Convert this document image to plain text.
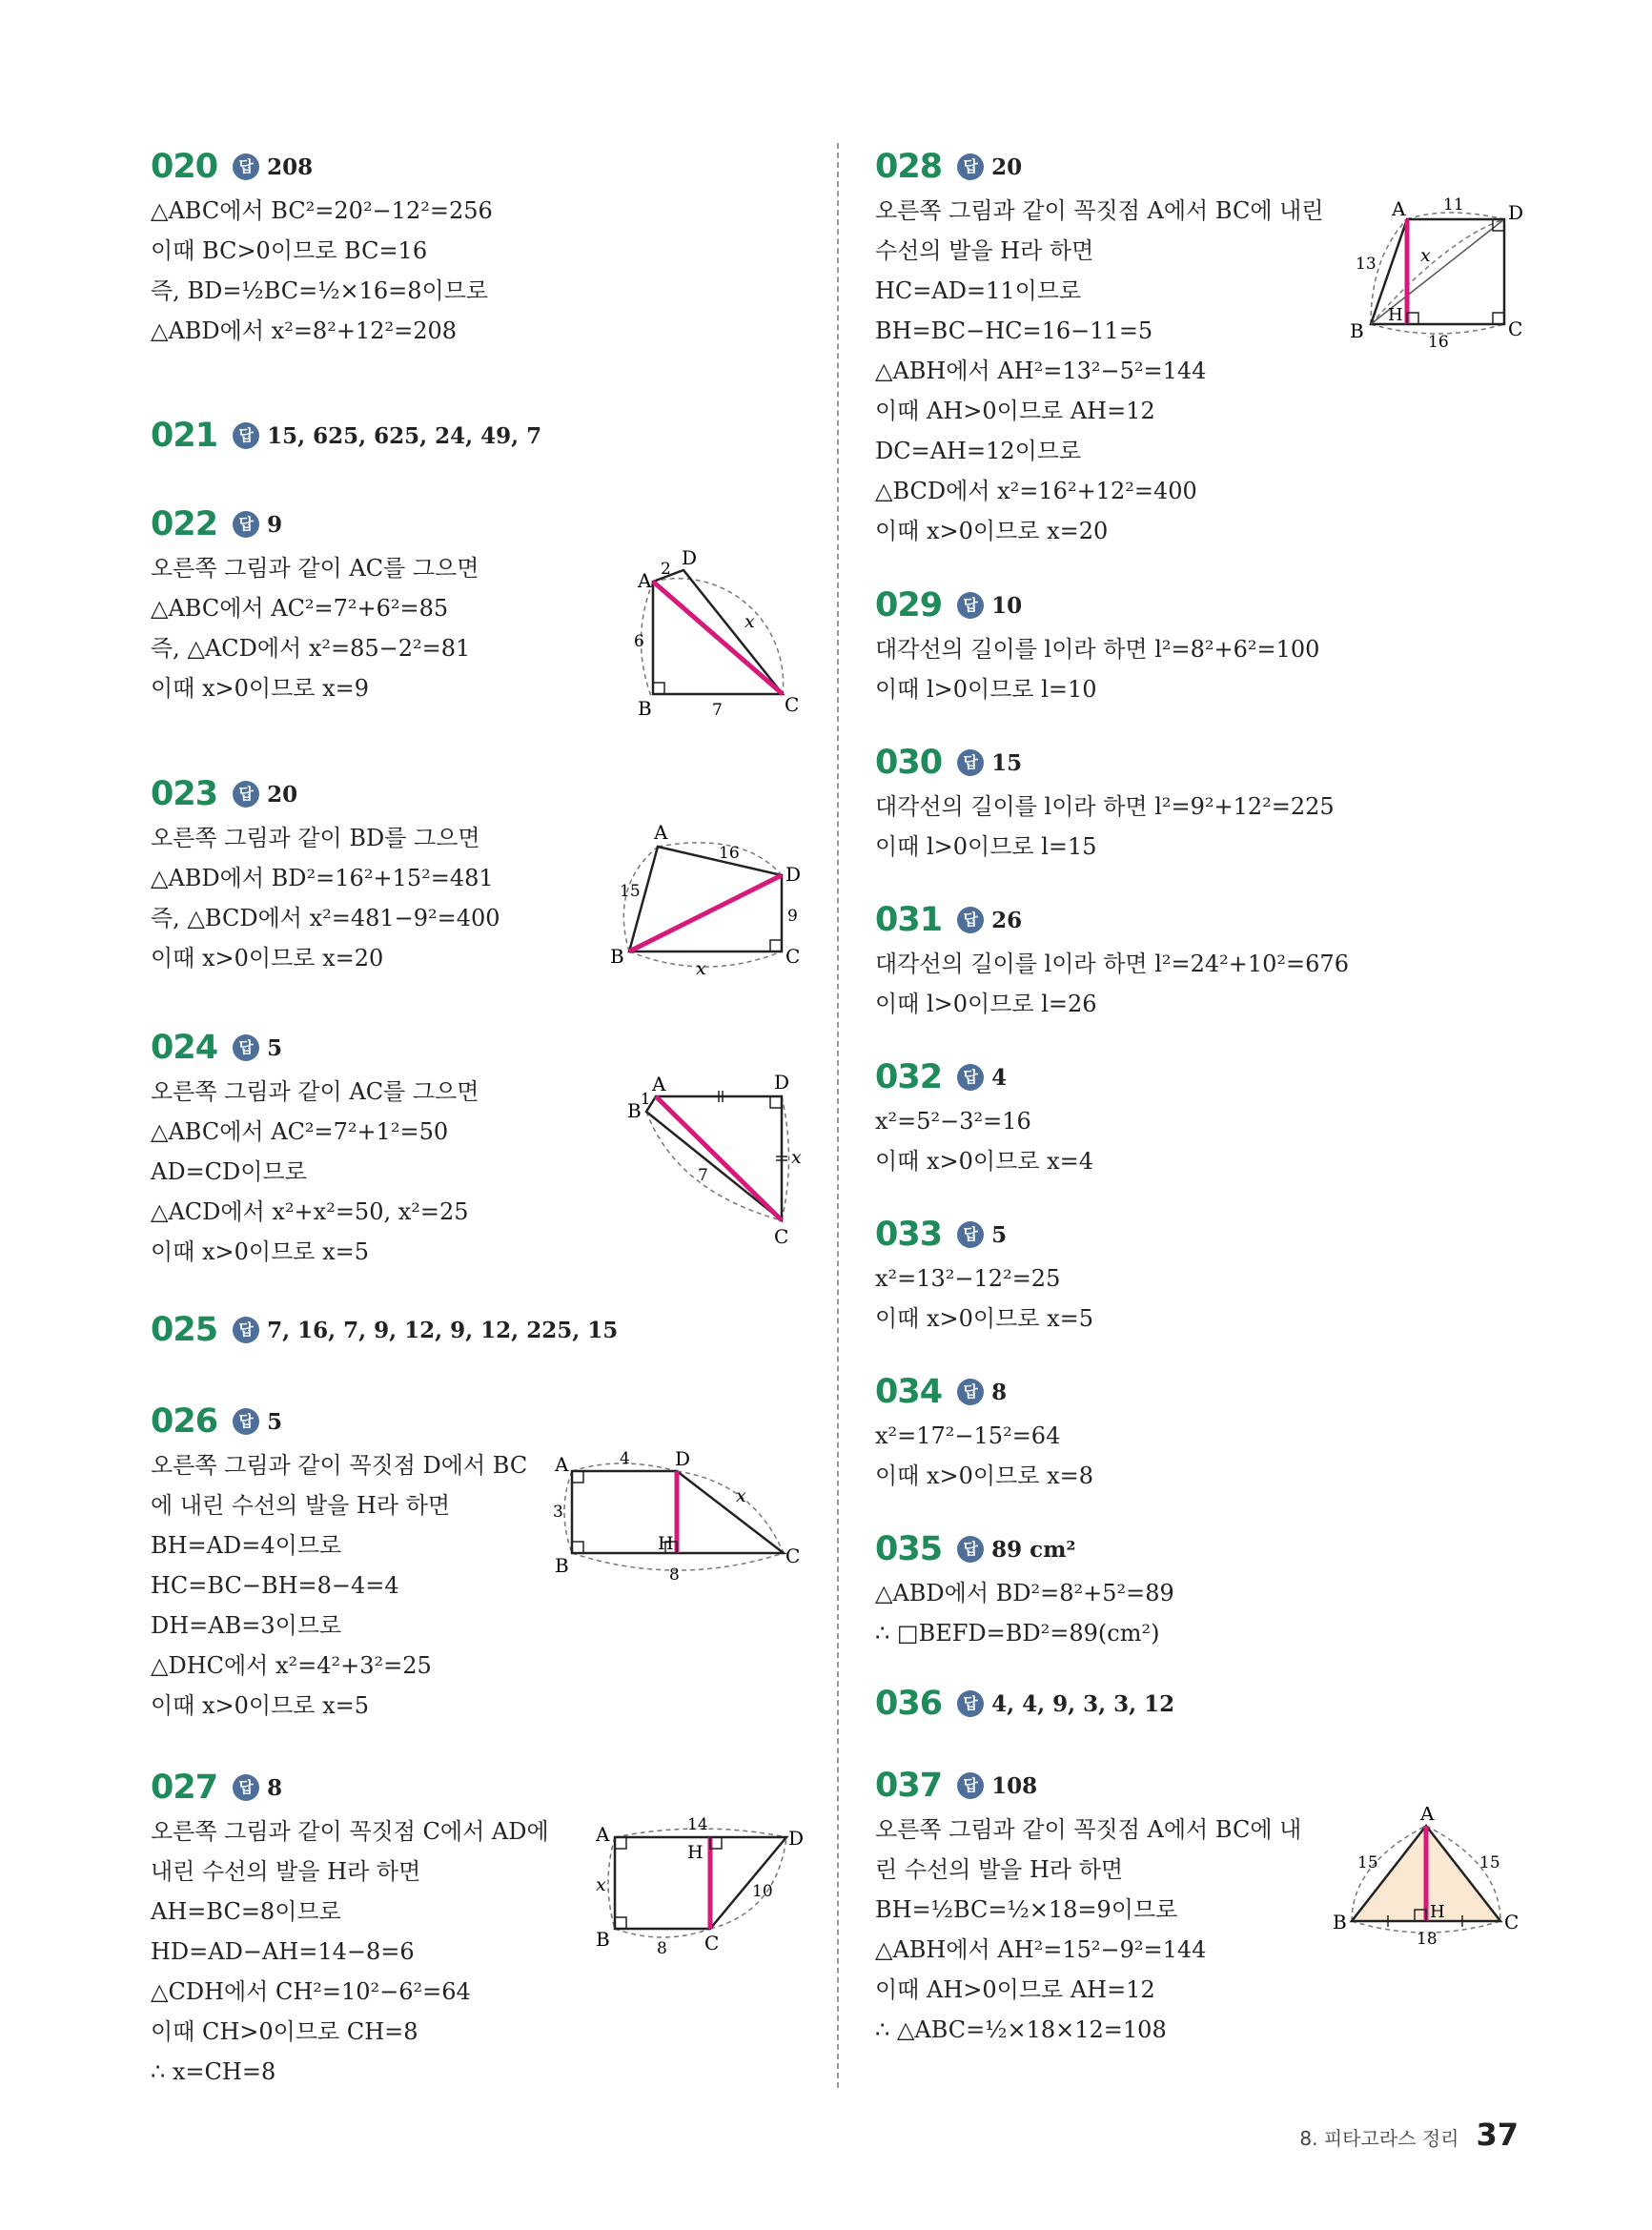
020	답 208
△ABC에서 BC²=20²−12²=256
이때 BC>0이므로 BC=16
즉, BD=½BC=½×16=8이므로
△ABD에서 x²=8²+12²=208
021	답 15, 625, 625, 24, 49, 7
022	답 9
오른쪽 그림과 같이 AC를 그으면
△ABC에서 AC²=7²+6²=85
즉, △ACD에서 x²=85−2²=81
이때 x>0이므로 x=9
023	답 20
오른쪽 그림과 같이 BD를 그으면
△ABD에서 BD²=16²+15²=481
즉, △BCD에서 x²=481−9²=400
이때 x>0이므로 x=20
024	답 5
오른쪽 그림과 같이 AC를 그으면
△ABC에서 AC²=7²+1²=50
AD=CD이므로
△ACD에서 x²+x²=50, x²=25
이때 x>0이므로 x=5
025	답 7, 16, 7, 9, 12, 9, 12, 225, 15
026	답 5
오른쪽 그림과 같이 꼭짓점 D에서 BC
에 내린 수선의 발을 H라 하면
BH=AD=4이므로
HC=BC−BH=8−4=4
DH=AB=3이므로
△DHC에서 x²=4²+3²=25
이때 x>0이므로 x=5
027	답 8
오른쪽 그림과 같이 꼭짓점 C에서 AD에
내린 수선의 발을 H라 하면
AH=BC=8이므로
HD=AD−AH=14−8=6
△CDH에서 CH²=10²−6²=64
이때 CH>0이므로 CH=8
∴ x=CH=8
028	답 20
오른쪽 그림과 같이 꼭짓점 A에서 BC에 내린
수선의 발을 H라 하면
HC=AD=11이므로
BH=BC−HC=16−11=5
△ABH에서 AH²=13²−5²=144
이때 AH>0이므로 AH=12
DC=AH=12이므로
△BCD에서 x²=16²+12²=400
이때 x>0이므로 x=20
029	답 10
대각선의 길이를 l이라 하면 l²=8²+6²=100
이때 l>0이므로 l=10
030	답 15
대각선의 길이를 l이라 하면 l²=9²+12²=225
이때 l>0이므로 l=15
031	답 26
대각선의 길이를 l이라 하면 l²=24²+10²=676
이때 l>0이므로 l=26
032	답 4
x²=5²−3²=16
이때 x>0이므로 x=4
033	답 5
x²=13²−12²=25
이때 x>0이므로 x=5
034	답 8
x²=17²−15²=64
이때 x>0이므로 x=8
035	답 89 cm²
△ABD에서 BD²=8²+5²=89
∴ □BEFD=BD²=89(cm²)
036	답 4, 4, 9, 3, 3, 12
037	답 108
오른쪽 그림과 같이 꼭짓점 A에서 BC에 내
린 수선의 발을 H라 하면
BH=½BC=½×18=9이므로
△ABH에서 AH²=15²−9²=144
이때 AH>0이므로 AH=12
∴ △ABC=½×18×12=108
A
B	C
D
2
6
7
x
A
B	C
D
16
15
9
x
A
B
C
D
1
7
x
A
B	C
D
H
4
3
8
x
A
B	C
D
H
14
10
8
x
A
B	C
D
H
11
13
16
x
A
B	C
H
15	15
18
8. 피타고라스 정리 37
